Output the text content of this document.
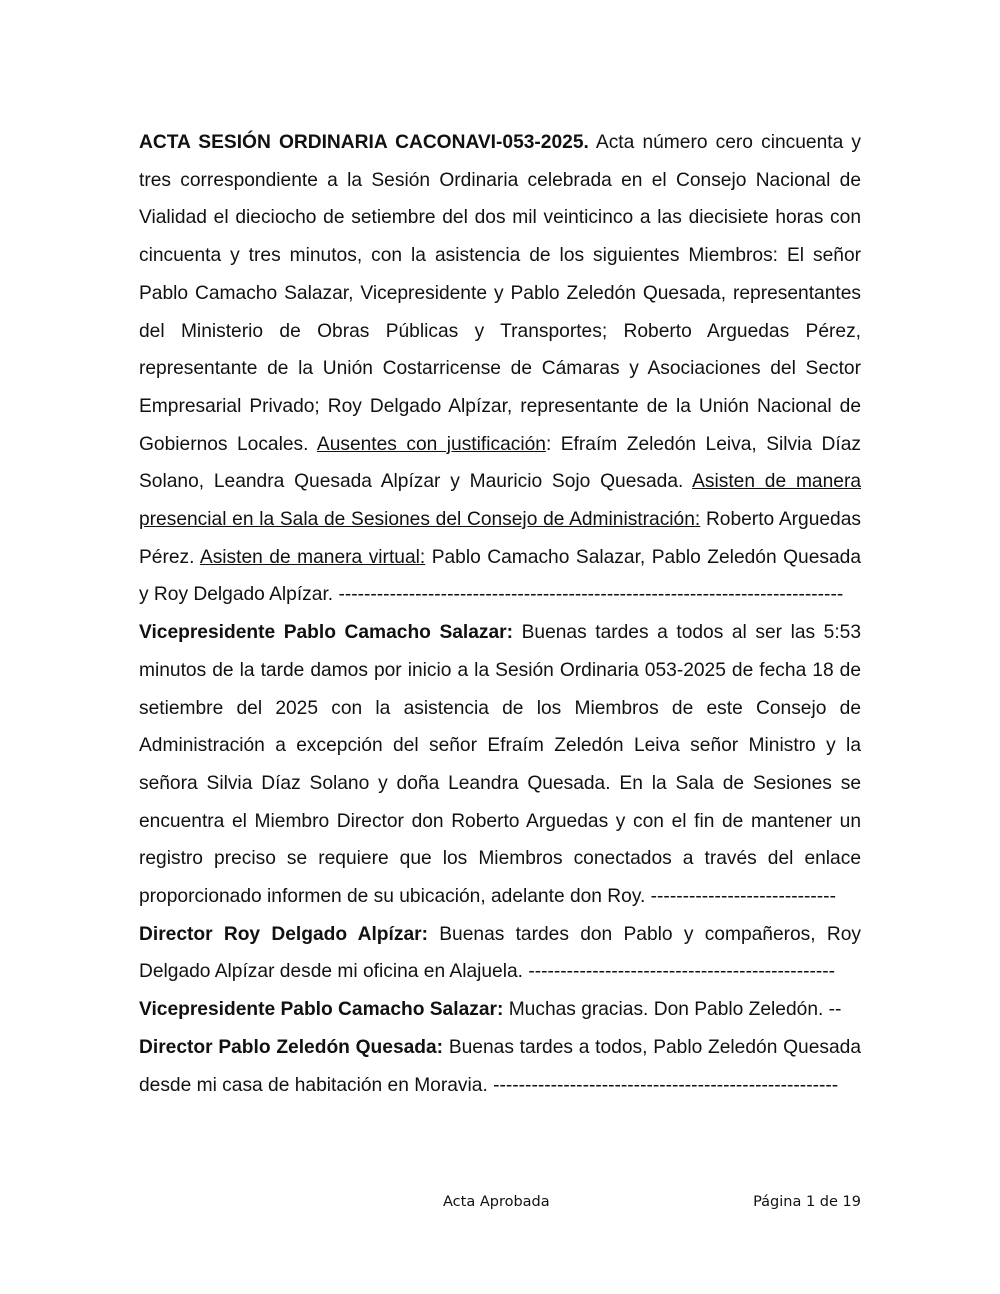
ACTA SESIÓN ORDINARIA CACONAVI-053-2025. Acta número cero cincuenta y tres correspondiente a la Sesión Ordinaria celebrada en el Consejo Nacional de Vialidad el dieciocho de setiembre del dos mil veinticinco a las diecisiete horas con cincuenta y tres minutos, con la asistencia de los siguientes Miembros: El señor Pablo Camacho Salazar, Vicepresidente y Pablo Zeledón Quesada, representantes del Ministerio de Obras Públicas y Transportes; Roberto Arguedas Pérez, representante de la Unión Costarricense de Cámaras y Asociaciones del Sector Empresarial Privado; Roy Delgado Alpízar, representante de la Unión Nacional de Gobiernos Locales. Ausentes con justificación: Efraím Zeledón Leiva, Silvia Díaz Solano, Leandra Quesada Alpízar y Mauricio Sojo Quesada. Asisten de manera presencial en la Sala de Sesiones del Consejo de Administración: Roberto Arguedas Pérez. Asisten de manera virtual: Pablo Camacho Salazar, Pablo Zeledón Quesada y Roy Delgado Alpízar. -------------------------------------------------------------------------------

Vicepresidente Pablo Camacho Salazar: Buenas tardes a todos al ser las 5:53 minutos de la tarde damos por inicio a la Sesión Ordinaria 053-2025 de fecha 18 de setiembre del 2025 con la asistencia de los Miembros de este Consejo de Administración a excepción del señor Efraím Zeledón Leiva señor Ministro y la señora Silvia Díaz Solano y doña Leandra Quesada. En la Sala de Sesiones se encuentra el Miembro Director don Roberto Arguedas y con el fin de mantener un registro preciso se requiere que los Miembros conectados a través del enlace proporcionado informen de su ubicación, adelante don Roy. -----------------------------

Director Roy Delgado Alpízar: Buenas tardes don Pablo y compañeros, Roy Delgado Alpízar desde mi oficina en Alajuela. ------------------------------------------------

Vicepresidente Pablo Camacho Salazar: Muchas gracias. Don Pablo Zeledón. --

Director Pablo Zeledón Quesada: Buenas tardes a todos, Pablo Zeledón Quesada desde mi casa de habitación en Moravia. ------------------------------------------------------

Acta Aprobada	Página 1 de 19
